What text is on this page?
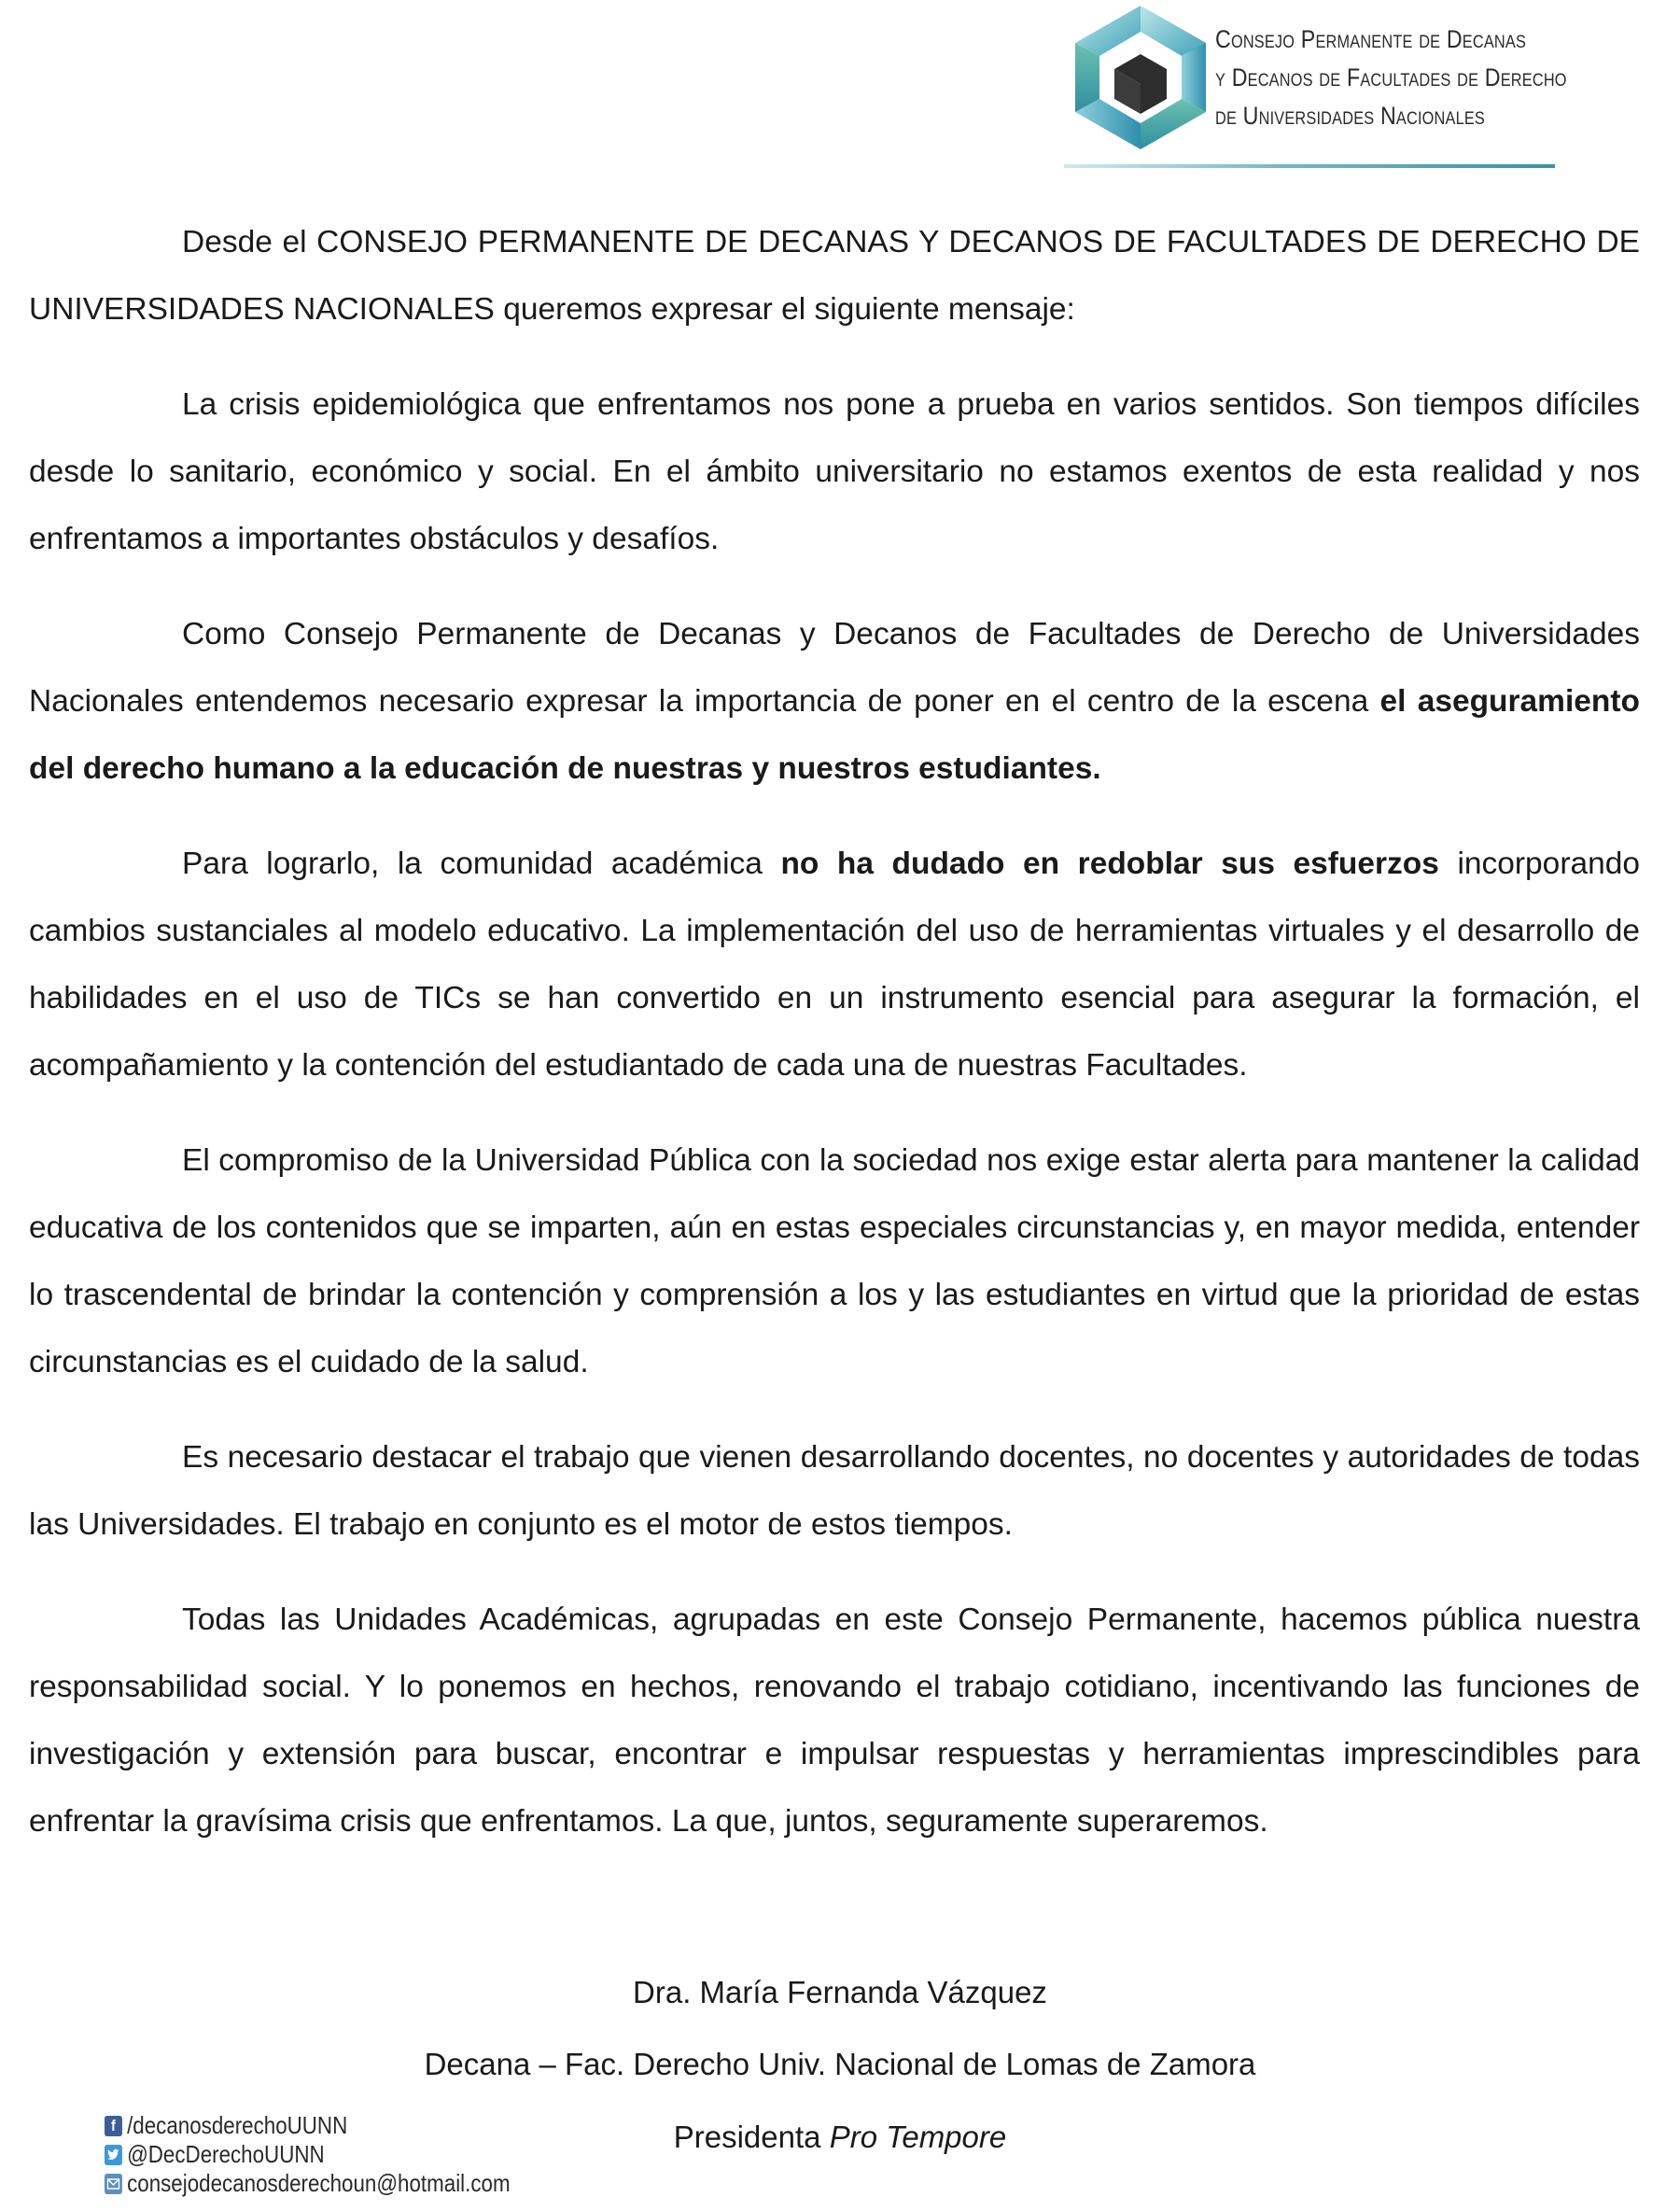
Consejo Permanente de Decanas
y Decanos de Facultades de Derecho
de Universidades Nacionales

Desde el CONSEJO PERMANENTE DE DECANAS Y DECANOS DE FACULTADES DE DERECHO DE UNIVERSIDADES NACIONALES queremos expresar el siguiente mensaje:

La crisis epidemiológica que enfrentamos nos pone a prueba en varios sentidos. Son tiempos difíciles desde lo sanitario, económico y social. En el ámbito universitario no estamos exentos de esta realidad y nos enfrentamos a importantes obstáculos y desafíos.

Como Consejo Permanente de Decanas y Decanos de Facultades de Derecho de Universidades Nacionales entendemos necesario expresar la importancia de poner en el centro de la escena el aseguramiento del derecho humano a la educación de nuestras y nuestros estudiantes.

Para lograrlo, la comunidad académica no ha dudado en redoblar sus esfuerzos incorporando cambios sustanciales al modelo educativo. La implementación del uso de herramientas virtuales y el desarrollo de habilidades en el uso de TICs se han convertido en un instrumento esencial para asegurar la formación, el acompañamiento y la contención del estudiantado de cada una de nuestras Facultades.

El compromiso de la Universidad Pública con la sociedad nos exige estar alerta para mantener la calidad educativa de los contenidos que se imparten, aún en estas especiales circunstancias y, en mayor medida, entender lo trascendental de brindar la contención y comprensión a los y las estudiantes en virtud que la prioridad de estas circunstancias es el cuidado de la salud.

Es necesario destacar el trabajo que vienen desarrollando docentes, no docentes y autoridades de todas las Universidades. El trabajo en conjunto es el motor de estos tiempos.

Todas las Unidades Académicas, agrupadas en este Consejo Permanente, hacemos pública nuestra responsabilidad social. Y lo ponemos en hechos, renovando el trabajo cotidiano, incentivando las funciones de investigación y extensión para buscar, encontrar e impulsar respuestas y herramientas imprescindibles para enfrentar la gravísima crisis que enfrentamos. La que, juntos, seguramente superaremos.

Dra. María Fernanda Vázquez
Decana – Fac. Derecho Univ. Nacional de Lomas de Zamora
Presidenta Pro Tempore
f /decanosderechoUUNN
@DecDerechoUUNN
consejodecanosderechoun@hotmail.com
